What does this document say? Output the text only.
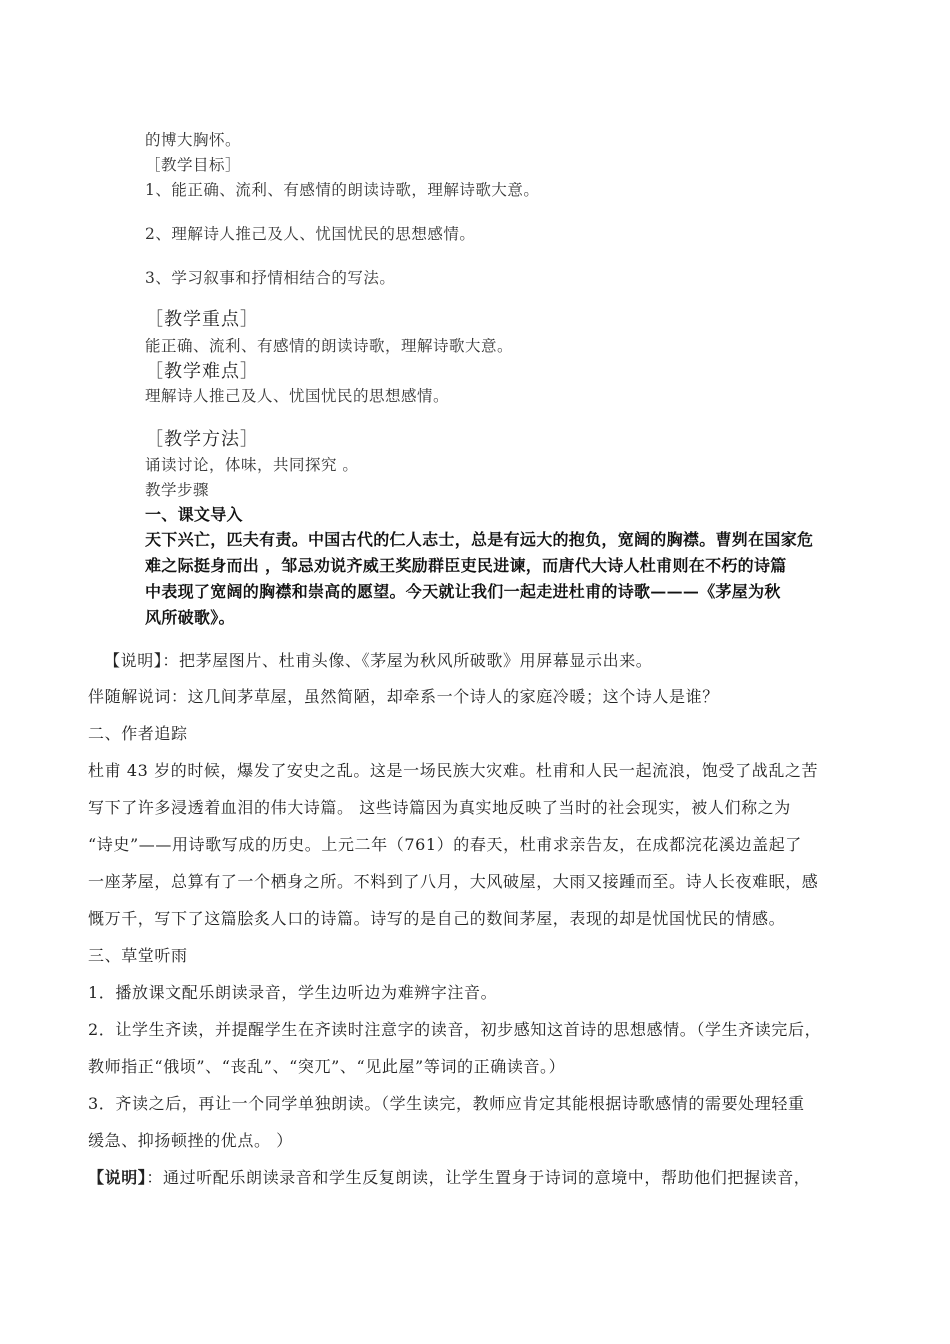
的博大胸怀。

［教学目标］

1、能正确、流利、有感情的朗读诗歌，理解诗歌大意。

2、理解诗人推己及人、忧国忧民的思想感情。

3、学习叙事和抒情相结合的写法。

［教学重点］

能正确、流利、有感情的朗读诗歌，理解诗歌大意。

［教学难点］

理解诗人推己及人、忧国忧民的思想感情。

［教学方法］

诵读讨论，体味，共同探究 。

教学步骤

一、课文导入

天下兴亡，匹夫有责。中国古代的仁人志士，总是有远大的抱负，宽阔的胸襟。曹刿在国家危

难之际挺身而出 ，邹忌劝说齐威王奖励群臣吏民进谏，而唐代大诗人杜甫则在不朽的诗篇

中表现了宽阔的胸襟和崇高的愿望。今天就让我们一起走进杜甫的诗歌———《茅屋为秋

风所破歌》。

【说明】：把茅屋图片、杜甫头像、《茅屋为秋风所破歌》用屏幕显示出来。

伴随解说词：这几间茅草屋，虽然简陋，却牵系一个诗人的家庭冷暖；这个诗人是谁？

二、作者追踪

杜甫 43 岁的时候，爆发了安史之乱。这是一场民族大灾难。杜甫和人民一起流浪，饱受了战乱之苦

写下了许多浸透着血泪的伟大诗篇。 这些诗篇因为真实地反映了当时的社会现实，被人们称之为

“诗史”——用诗歌写成的历史。上元二年（761）的春天，杜甫求亲告友，在成都浣花溪边盖起了

一座茅屋，总算有了一个栖身之所。不料到了八月，大风破屋，大雨又接踵而至。诗人长夜难眠，感

慨万千，写下了这篇脍炙人口的诗篇。诗写的是自己的数间茅屋，表现的却是忧国忧民的情感。

三、草堂听雨

1．播放课文配乐朗读录音，学生边听边为难辨字注音。

2．让学生齐读，并提醒学生在齐读时注意字的读音，初步感知这首诗的思想感情。（学生齐读完后，

教师指正“俄顷”、“丧乱”、“突兀”、“见此屋”等词的正确读音。）

3．齐读之后，再让一个同学单独朗读。（学生读完，教师应肯定其能根据诗歌感情的需要处理轻重

缓急、抑扬顿挫的优点。 ）

【说明】：通过听配乐朗读录音和学生反复朗读，让学生置身于诗词的意境中，帮助他们把握读音，
